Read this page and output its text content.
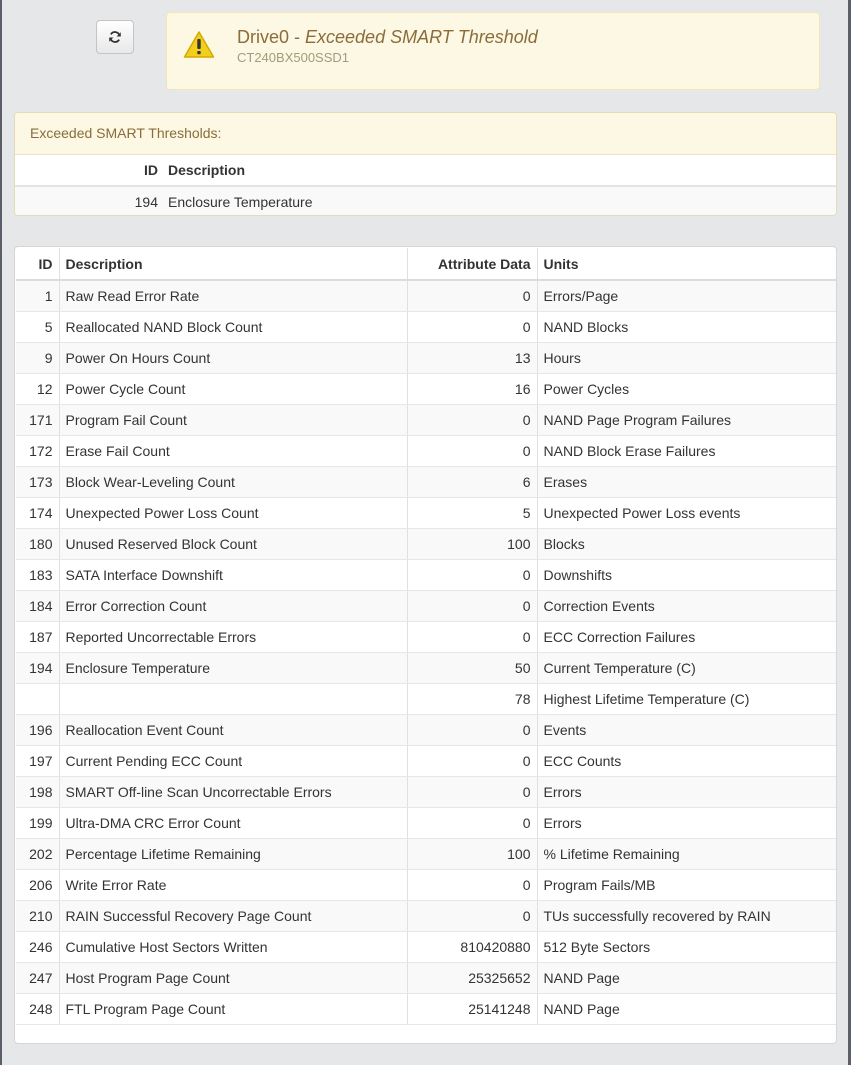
Drive0 - Exceeded SMART Threshold
CT240BX500SSD1
Exceeded SMART Thresholds:
ID	Description
194	Enclosure Temperature
ID	Description	Attribute Data	Units
1	Raw Read Error Rate	0	Errors/Page
5	Reallocated NAND Block Count	0	NAND Blocks
9	Power On Hours Count	13	Hours
12	Power Cycle Count	16	Power Cycles
171	Program Fail Count	0	NAND Page Program Failures
172	Erase Fail Count	0	NAND Block Erase Failures
173	Block Wear-Leveling Count	6	Erases
174	Unexpected Power Loss Count	5	Unexpected Power Loss events
180	Unused Reserved Block Count	100	Blocks
183	SATA Interface Downshift	0	Downshifts
184	Error Correction Count	0	Correction Events
187	Reported Uncorrectable Errors	0	ECC Correction Failures
194	Enclosure Temperature	50	Current Temperature (C)
		78	Highest Lifetime Temperature (C)
196	Reallocation Event Count	0	Events
197	Current Pending ECC Count	0	ECC Counts
198	SMART Off-line Scan Uncorrectable Errors	0	Errors
199	Ultra-DMA CRC Error Count	0	Errors
202	Percentage Lifetime Remaining	100	% Lifetime Remaining
206	Write Error Rate	0	Program Fails/MB
210	RAIN Successful Recovery Page Count	0	TUs successfully recovered by RAIN
246	Cumulative Host Sectors Written	810420880	512 Byte Sectors
247	Host Program Page Count	25325652	NAND Page
248	FTL Program Page Count	25141248	NAND Page
